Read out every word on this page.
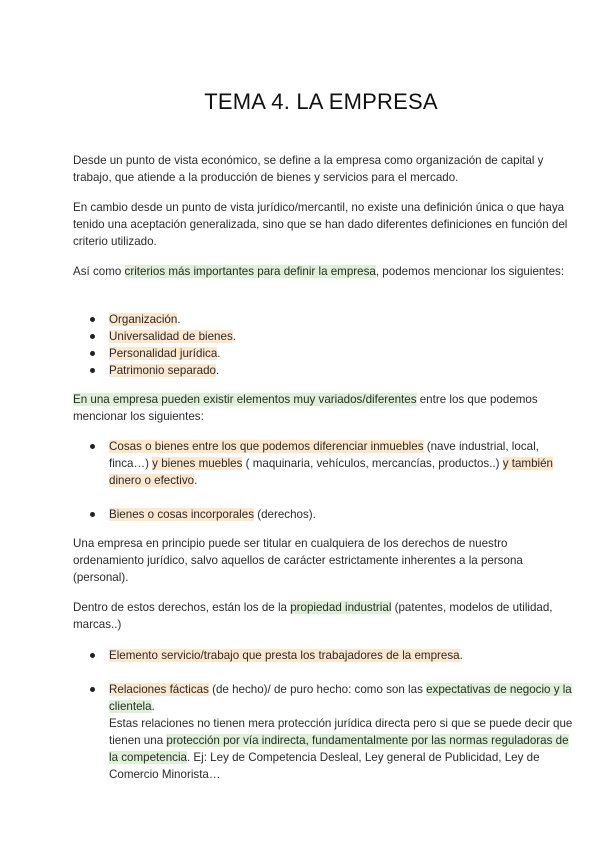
TEMA 4. LA EMPRESA

Desde un punto de vista económico, se define a la empresa como organización de capital y trabajo, que atiende a la producción de bienes y servicios para el mercado.

En cambio desde un punto de vista jurídico/mercantil, no existe una definición única o que haya tenido una aceptación generalizada, sino que se han dado diferentes definiciones en función del criterio utilizado.

Así como criterios más importantes para definir la empresa, podemos mencionar los siguientes:

Organización.
Universalidad de bienes.
Personalidad jurídica.
Patrimonio separado.

En una empresa pueden existir elementos muy variados/diferentes entre los que podemos mencionar los siguientes:

Cosas o bienes entre los que podemos diferenciar inmuebles (nave industrial, local, finca…) y bienes muebles ( maquinaria, vehículos, mercancías, productos..) y también dinero o efectivo.
Bienes o cosas incorporales (derechos).

Una empresa en principio puede ser titular en cualquiera de los derechos de nuestro ordenamiento jurídico, salvo aquellos de carácter estrictamente inherentes a la persona (personal).

Dentro de estos derechos, están los de la propiedad industrial (patentes, modelos de utilidad, marcas..)

Elemento servicio/trabajo que presta los trabajadores de la empresa.
Relaciones fácticas (de hecho)/ de puro hecho: como son las expectativas de negocio y la clientela.
Estas relaciones no tienen mera protección jurídica directa pero si que se puede decir que tienen una protección por vía indirecta, fundamentalmente por las normas reguladoras de la competencia. Ej: Ley de Competencia Desleal, Ley general de Publicidad, Ley de Comercio Minorista…
